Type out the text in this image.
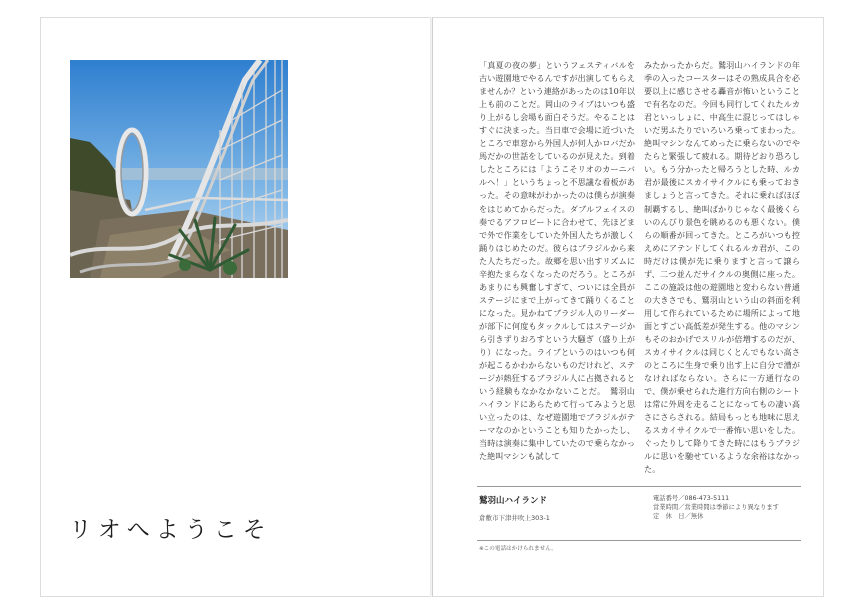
リオへようこそ
「真夏の夜の夢」というフェスティバルを古い遊園地でやるんですが出演してもらえませんか？という連絡があったのは10年以上も前のことだ。岡山のライブはいつも盛り上がるし会場も面白そうだ。やることはすぐに決まった。当日車で会場に近づいたところで車窓から外国人が何人かロバだか馬だかの世話をしているのが見えた。到着したところには「ようこそリオのカーニバルへ！」というちょっと不思議な看板があった。その意味がわかったのは僕らが演奏をはじめてからだった。ダブルフェイスの奏でるアフロビートに合わせて、先ほどまで外で作業をしていた外国人たちが激しく踊りはじめたのだ。彼らはブラジルから来た人たちだった。故郷を思い出すリズムに辛抱たまらなくなったのだろう。ところがあまりにも興奮しすぎて、ついには全員がステージにまで上がってきて踊りくることになった。見かねてブラジル人のリーダーが部下に何度もタックルしてはステージから引きずりおろすという大騒ぎ（盛り上がり）になった。ライブというのはいつも何が起こるかわからないものだけれど、ステージが熱狂するブラジル人に占拠されるという経験もなかなかないことだ。　鷲羽山ハイランドにあらためて行ってみようと思い立ったのは、なぜ遊園地でブラジルがテーマなのかということも知りたかったし、当時は演奏に集中していたので乗らなかった絶叫マシンも試して
みたかったからだ。鷲羽山ハイランドの年季の入ったコースターはその熟成具合を必要以上に感じさせる轟音が怖いということで有名なのだ。今回も同行してくれたルカ君といっしょに、中高生に混じってはしゃいだ男ふたりでいろいろ乗ってまわった。絶叫マシンなんてめったに乗らないのでやたらと緊張して疲れる。期待どおり恐ろしい。もう分かったと帰ろうとした時、ルカ君が最後にスカイサイクルにも乗っておきましょうと言ってきた。それに乗ればほぼ制覇するし、絶叫ばかりじゃなく最後くらいのんびり景色を眺めるのも悪くない。僕らの順番が回ってきた。ところがいつも控えめにアテンドしてくれるルカ君が、この時だけは僕が先に乗りますと言って譲らず、二つ並んだサイクルの奥側に座った。ここの施設は他の遊園地と変わらない普通の大きさでも、鷲羽山という山の斜面を利用して作られているために場所によって地面とすごい高低差が発生する。他のマシンもそのおかげでスリルが倍増するのだが、スカイサイクルは同じくとんでもない高さのところに生身で乗り出す上に自分で漕がなければならない。さらに一方通行なので、僕が乗せられた進行方向右側のシートは常に外周を走ることになってもの凄い高さにさらされる。結局もっとも地味に思えるスカイサイクルで一番怖い思いをした。ぐったりして降りてきた時にはもうブラジルに思いを馳せているような余裕はなかった。
鷲羽山ハイランド
倉敷市下津井吹上303-1
電話番号／086-473-5111
営業時間／営業時間は季節により異なります
定　休　日／無休
※この電話はかけられません。
